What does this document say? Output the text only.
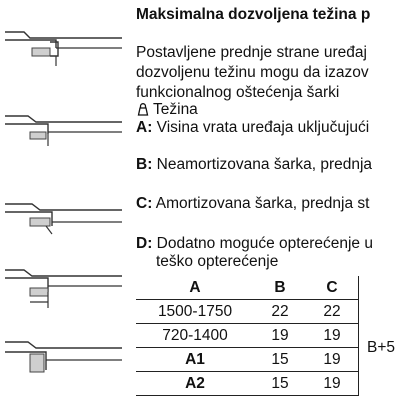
Maksimalna dozvoljena težina p
Postavljene prednje strane uređaj
dozvoljenu težinu mogu da izazov
funkcionalnog oštećenja šarki
Težina
A: Visina vrata uređaja uključujući
B: Neamortizovana šarka, prednja
C: Amortizovana šarka, prednja st
D: Dodatno moguće opterećenje u
teško opterećenje
A	B	C	
1500-1750	22	22	B+5
720-1400	19	19	
A1	15	19	
A2	15	19	
